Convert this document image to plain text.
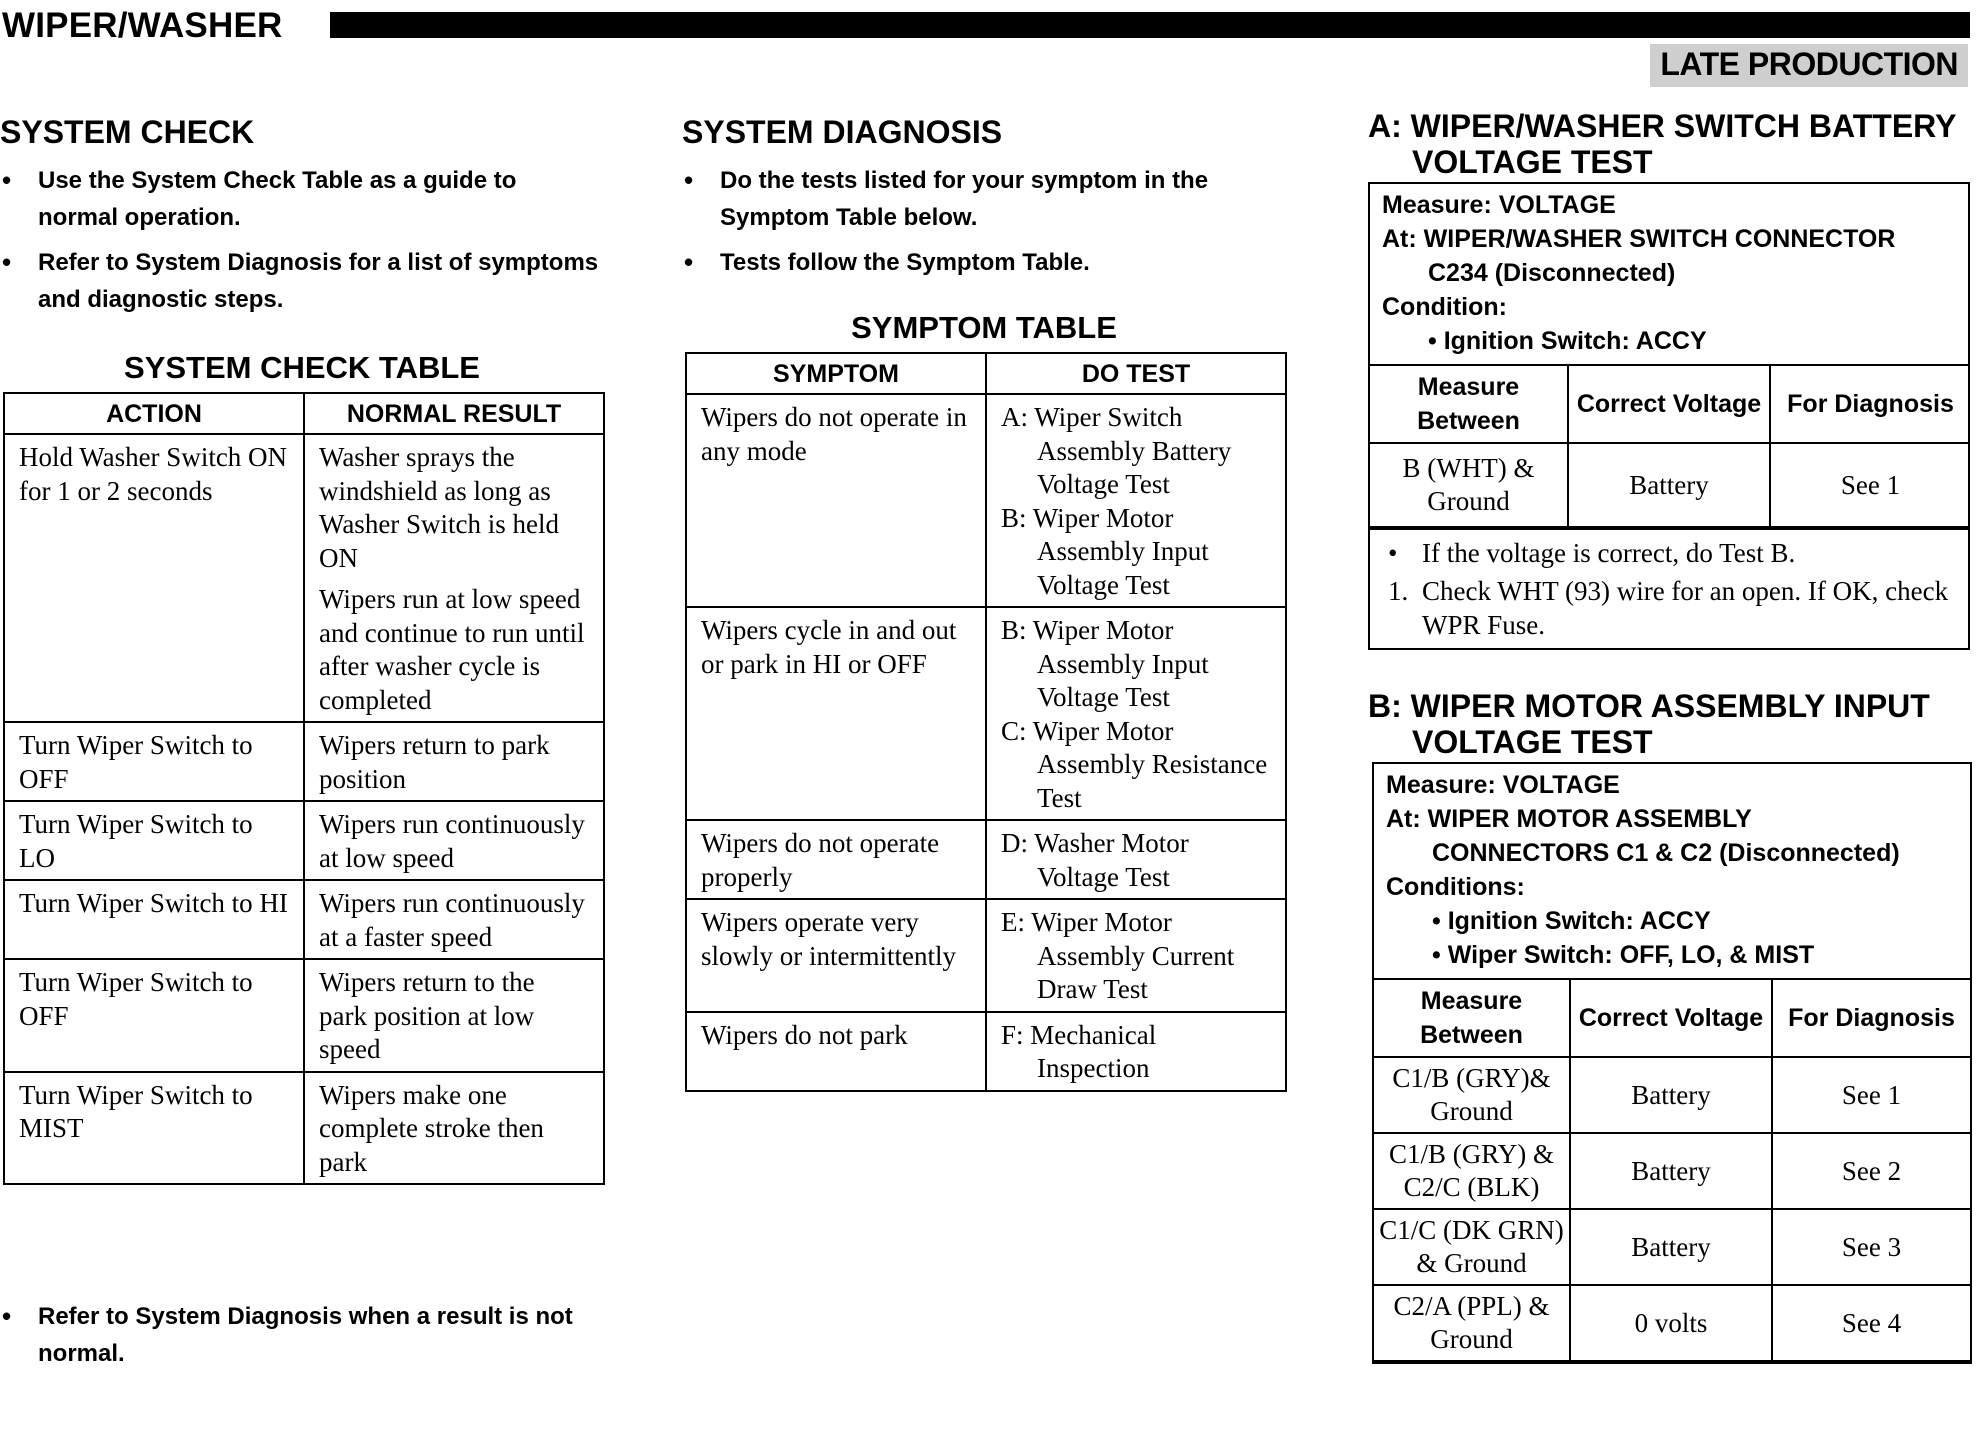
WIPER/WASHER
LATE PRODUCTION
SYSTEM CHECK
• Use the System Check Table as a guide to normal operation.
• Refer to System Diagnosis for a list of symptoms and diagnostic steps.
SYSTEM CHECK TABLE
ACTION	NORMAL RESULT
Hold Washer Switch ON for 1 or 2 seconds	Washer sprays the windshield as long as Washer Switch is held ON
Wipers run at low speed and continue to run until after washer cycle is completed
Turn Wiper Switch to OFF	Wipers return to park position
Turn Wiper Switch to LO	Wipers run continuously at low speed
Turn Wiper Switch to HI	Wipers run continuously at a faster speed
Turn Wiper Switch to OFF	Wipers return to the park position at low speed
Turn Wiper Switch to MIST	Wipers make one complete stroke then park
• Refer to System Diagnosis when a result is not normal.
SYSTEM DIAGNOSIS
• Do the tests listed for your symptom in the Symptom Table below.
• Tests follow the Symptom Table.
SYMPTOM TABLE
SYMPTOM	DO TEST
Wipers do not operate in any mode	A: Wiper Switch Assembly Battery Voltage Test
B: Wiper Motor Assembly Input Voltage Test

Wipers cycle in and out or park in HI or OFF	B: Wiper Motor Assembly Input Voltage Test
C: Wiper Motor Assembly Resistance Test

Wipers do not operate properly	D: Washer Motor Voltage Test

Wipers operate very slowly or intermittently	E: Wiper Motor Assembly Current Draw Test

Wipers do not park	F: Mechanical Inspection
A: WIPER/WASHER SWITCH BATTERY
VOLTAGE TEST
Measure: VOLTAGE
At: WIPER/WASHER SWITCH CONNECTOR
C234 (Disconnected)
Condition:
• Ignition Switch: ACCY
Measure Between	Correct Voltage	For Diagnosis
B (WHT) & Ground	Battery	See 1
• If the voltage is correct, do Test B.
1. Check WHT (93) wire for an open. If OK, check WPR Fuse.
B: WIPER MOTOR ASSEMBLY INPUT
VOLTAGE TEST
Measure: VOLTAGE
At: WIPER MOTOR ASSEMBLY
CONNECTORS C1 & C2 (Disconnected)
Conditions:
• Ignition Switch: ACCY
• Wiper Switch: OFF, LO, & MIST
Measure Between	Correct Voltage	For Diagnosis
C1/B (GRY)& Ground	Battery	See 1
C1/B (GRY) & C2/C (BLK)	Battery	See 2
C1/C (DK GRN) & Ground	Battery	See 3
C2/A (PPL) & Ground	0 volts	See 4
